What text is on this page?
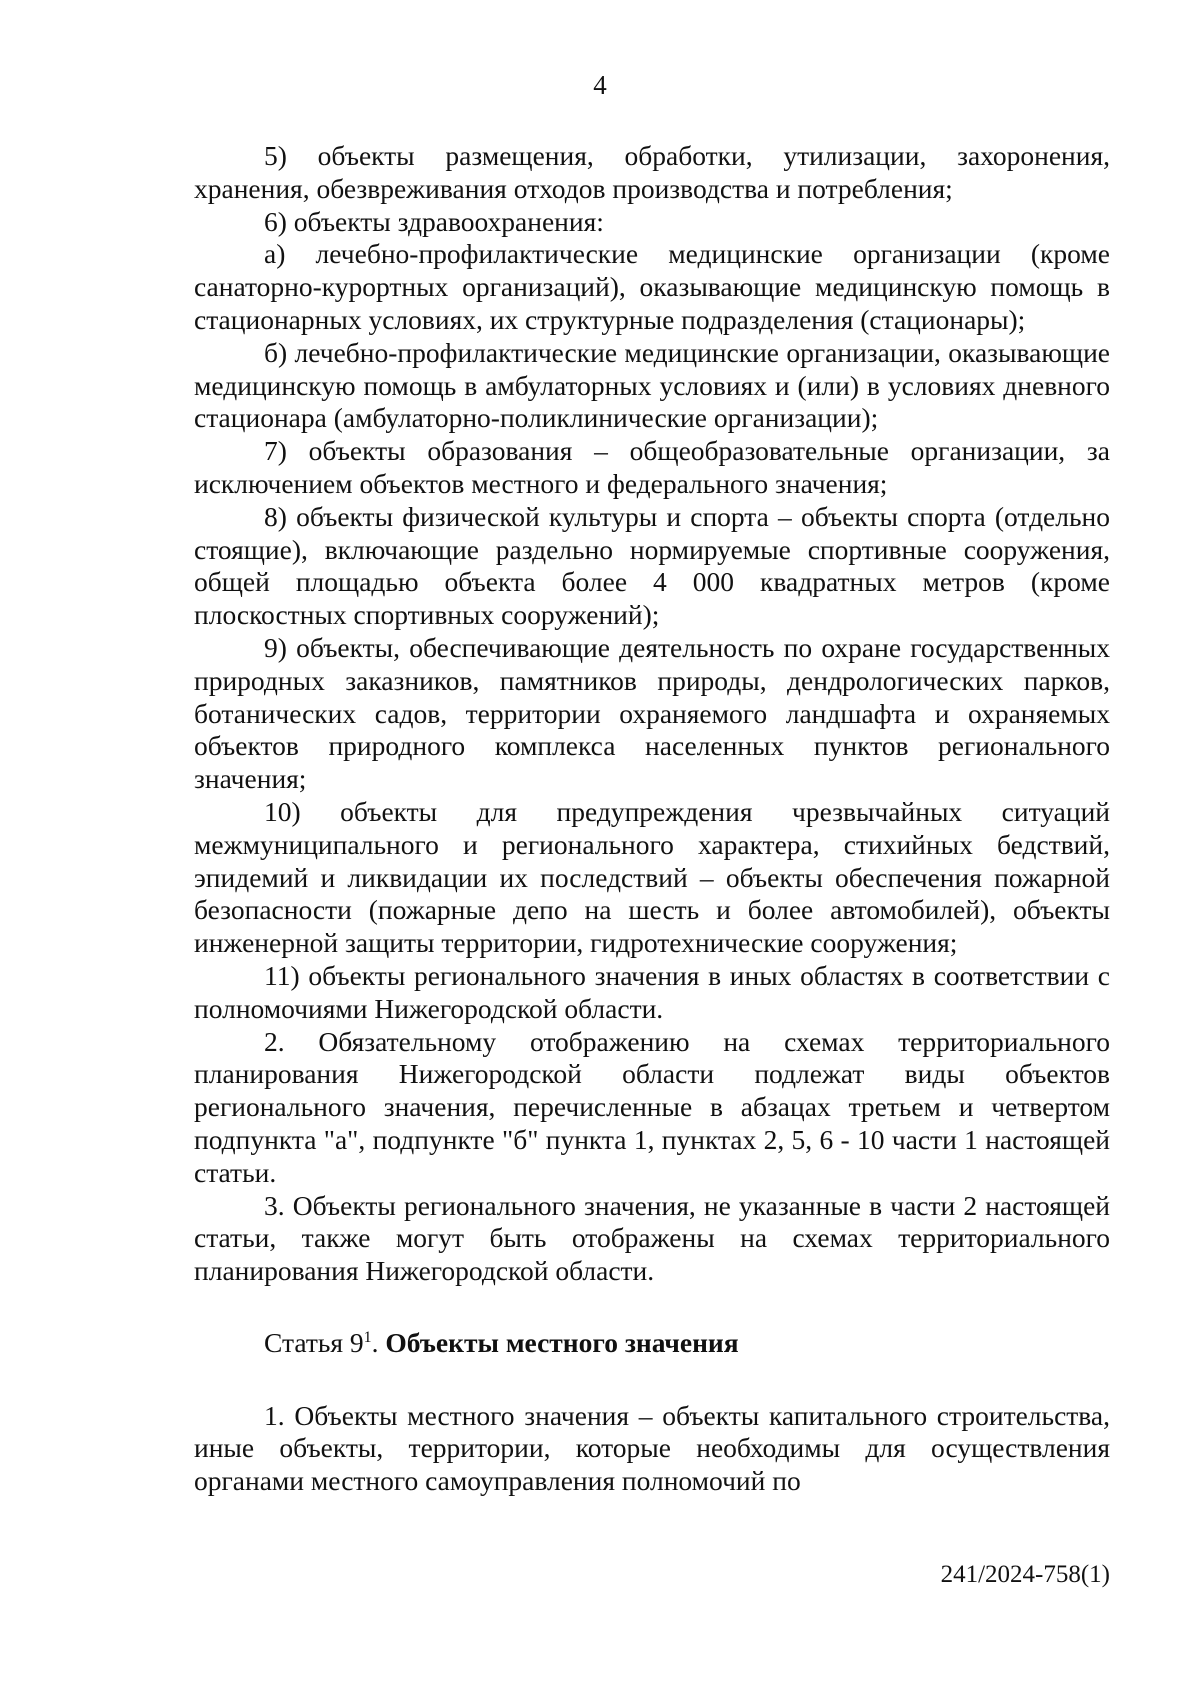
4

5) объекты размещения, обработки, утилизации, захоронения, хранения, обезвреживания отходов производства и потребления;

6) объекты здравоохранения:

а) лечебно-профилактические медицинские организации (кроме санаторно-курортных организаций), оказывающие медицинскую помощь в стационарных условиях, их структурные подразделения (стационары);

б) лечебно-профилактические медицинские организации, оказывающие медицинскую помощь в амбулаторных условиях и (или) в условиях дневного стационара (амбулаторно-поликлинические организации);

7) объекты образования – общеобразовательные организации, за исключением объектов местного и федерального значения;

8) объекты физической культуры и спорта – объекты спорта (отдельно стоящие), включающие раздельно нормируемые спортивные сооружения, общей площадью объекта более 4 000 квадратных метров (кроме плоскостных спортивных сооружений);

9) объекты, обеспечивающие деятельность по охране государственных природных заказников, памятников природы, дендрологических парков, ботанических садов, территории охраняемого ландшафта и охраняемых объектов природного комплекса населенных пунктов регионального значения;

10) объекты для предупреждения чрезвычайных ситуаций межмуниципального и регионального характера, стихийных бедствий, эпидемий и ликвидации их последствий – объекты обеспечения пожарной безопасности (пожарные депо на шесть и более автомобилей), объекты инженерной защиты территории, гидротехнические сооружения;

11) объекты регионального значения в иных областях в соответствии с полномочиями Нижегородской области.

2. Обязательному отображению на схемах территориального планирования Нижегородской области подлежат виды объектов регионального значения, перечисленные в абзацах третьем и четвертом подпункта "а", подпункте "б" пункта 1, пунктах 2, 5, 6 - 10 части 1 настоящей статьи.

3. Объекты регионального значения, не указанные в части 2 настоящей статьи, также могут быть отображены на схемах территориального планирования Нижегородской области.

Статья $9^1$. Объекты местного значения

1. Объекты местного значения – объекты капитального строительства, иные объекты, территории, которые необходимы для осуществления органами местного самоуправления полномочий по

241/2024-758(1)
